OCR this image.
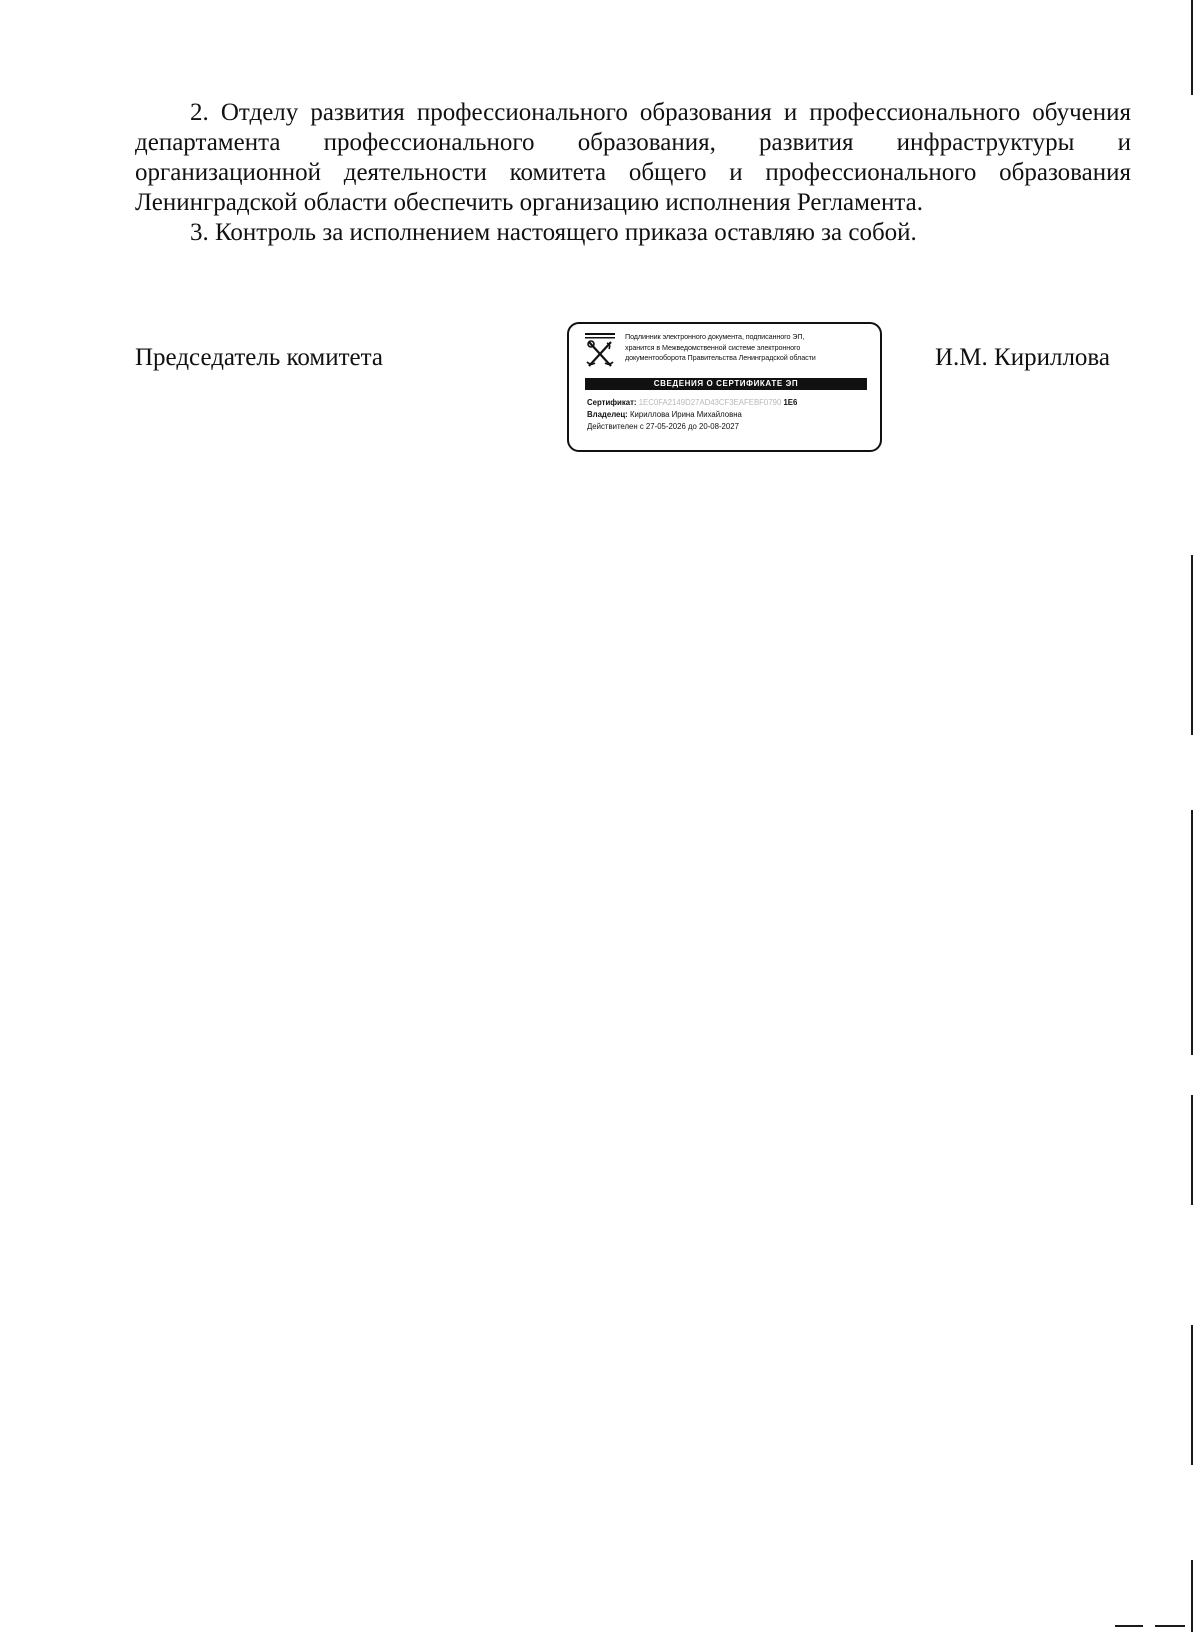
2. Отделу развития профессионального образования и профессионального обучения департамента профессионального образования, развития инфраструктуры и организационной деятельности комитета общего и профессионального образования Ленинградской области обеспечить организацию исполнения Регламента.

3. Контроль за исполнением настоящего приказа оставляю за собой.

Председатель комитета	И.М. Кириллова
Подлинник электронного документа, подписанного ЭП,
хранится в Межведомственной системе электронного
документооборота Правительства Ленинградской области
СВЕДЕНИЯ О СЕРТИФИКАТЕ ЭП
Сертификат: 1EC0FA2149D27AD43CF3EAFEBF0790 1E6
Владелец: Кириллова Ирина Михайловна
Действителен с 27-05-2026 до 20-08-2027
